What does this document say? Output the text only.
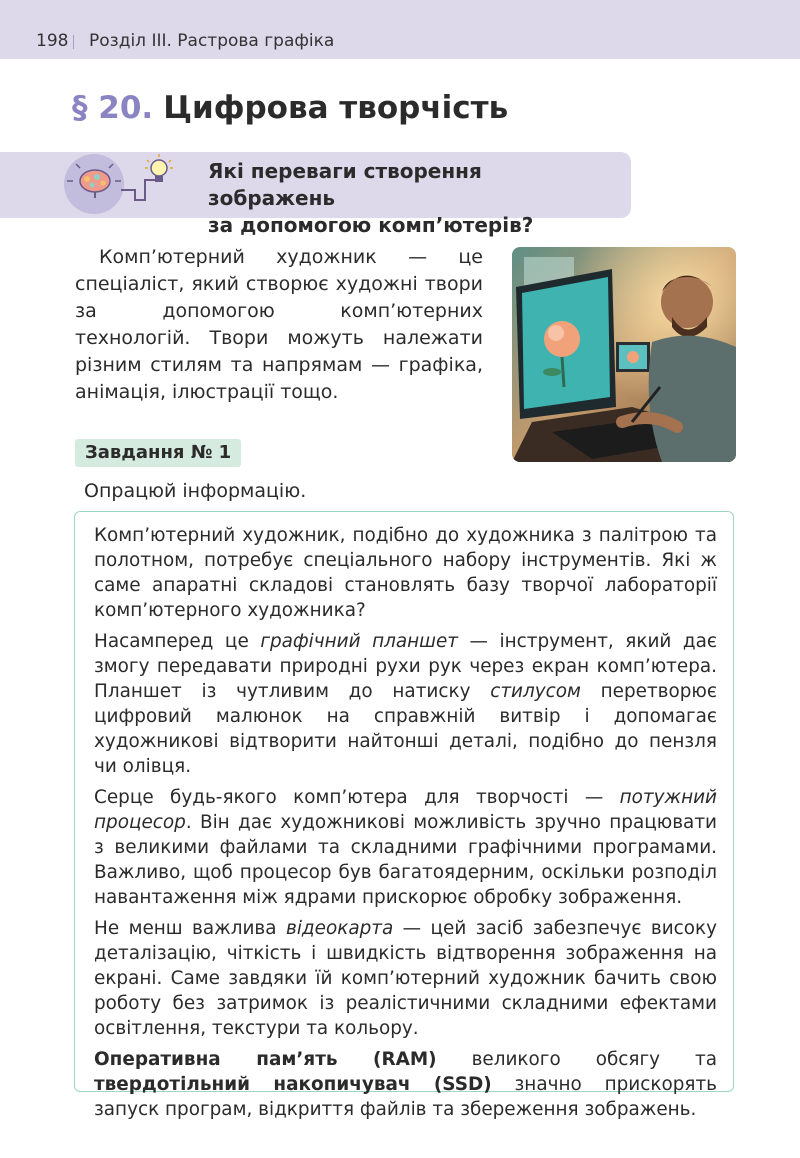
198 Розділ ІІІ. Растрова графіка
§ 20. Цифрова творчість
Які переваги створення зображень
за допомогою комп’ютерів?

Комп’ютерний художник — це спеціаліст, який створює художні твори за допомогою комп’ютерних технологій. Твори можуть належати різним стилям та напрямам — графіка, анімація, ілюстрації тощо.

Завдання № 1
Опрацюй інформацію.

Комп’ютерний художник, подібно до художника з палітрою та полотном, потребує спеціального набору інструментів. Які ж саме апаратні складові становлять базу творчої лабораторії комп’ютерного художника?

Насамперед це графічний планшет — інструмент, який дає змогу передавати природні рухи рук через екран комп’ютера. Планшет із чутливим до натиску стилусом перетворює цифровий малюнок на справжній витвір і допомагає художникові відтворити найтонші деталі, подібно до пензля чи олівця.

Серце будь-якого комп’ютера для творчості — потужний процесор. Він дає художникові можливість зручно працювати з великими файлами та складними графічними програмами. Важливо, щоб процесор був багатоядерним, оскільки розподіл навантаження між ядрами прискорює обробку зображення.

Не менш важлива відеокарта — цей засіб забезпечує високу деталізацію, чіткість і швидкість відтворення зображення на екрані. Саме завдяки їй комп’ютерний художник бачить свою роботу без затримок із реалістичними складними ефектами освітлення, текстури та кольору.

Оперативна пам’ять (RAM) великого обсягу та твердотільний накопичувач (SSD) значно прискорять запуск програм, відкриття файлів та збереження зображень.
